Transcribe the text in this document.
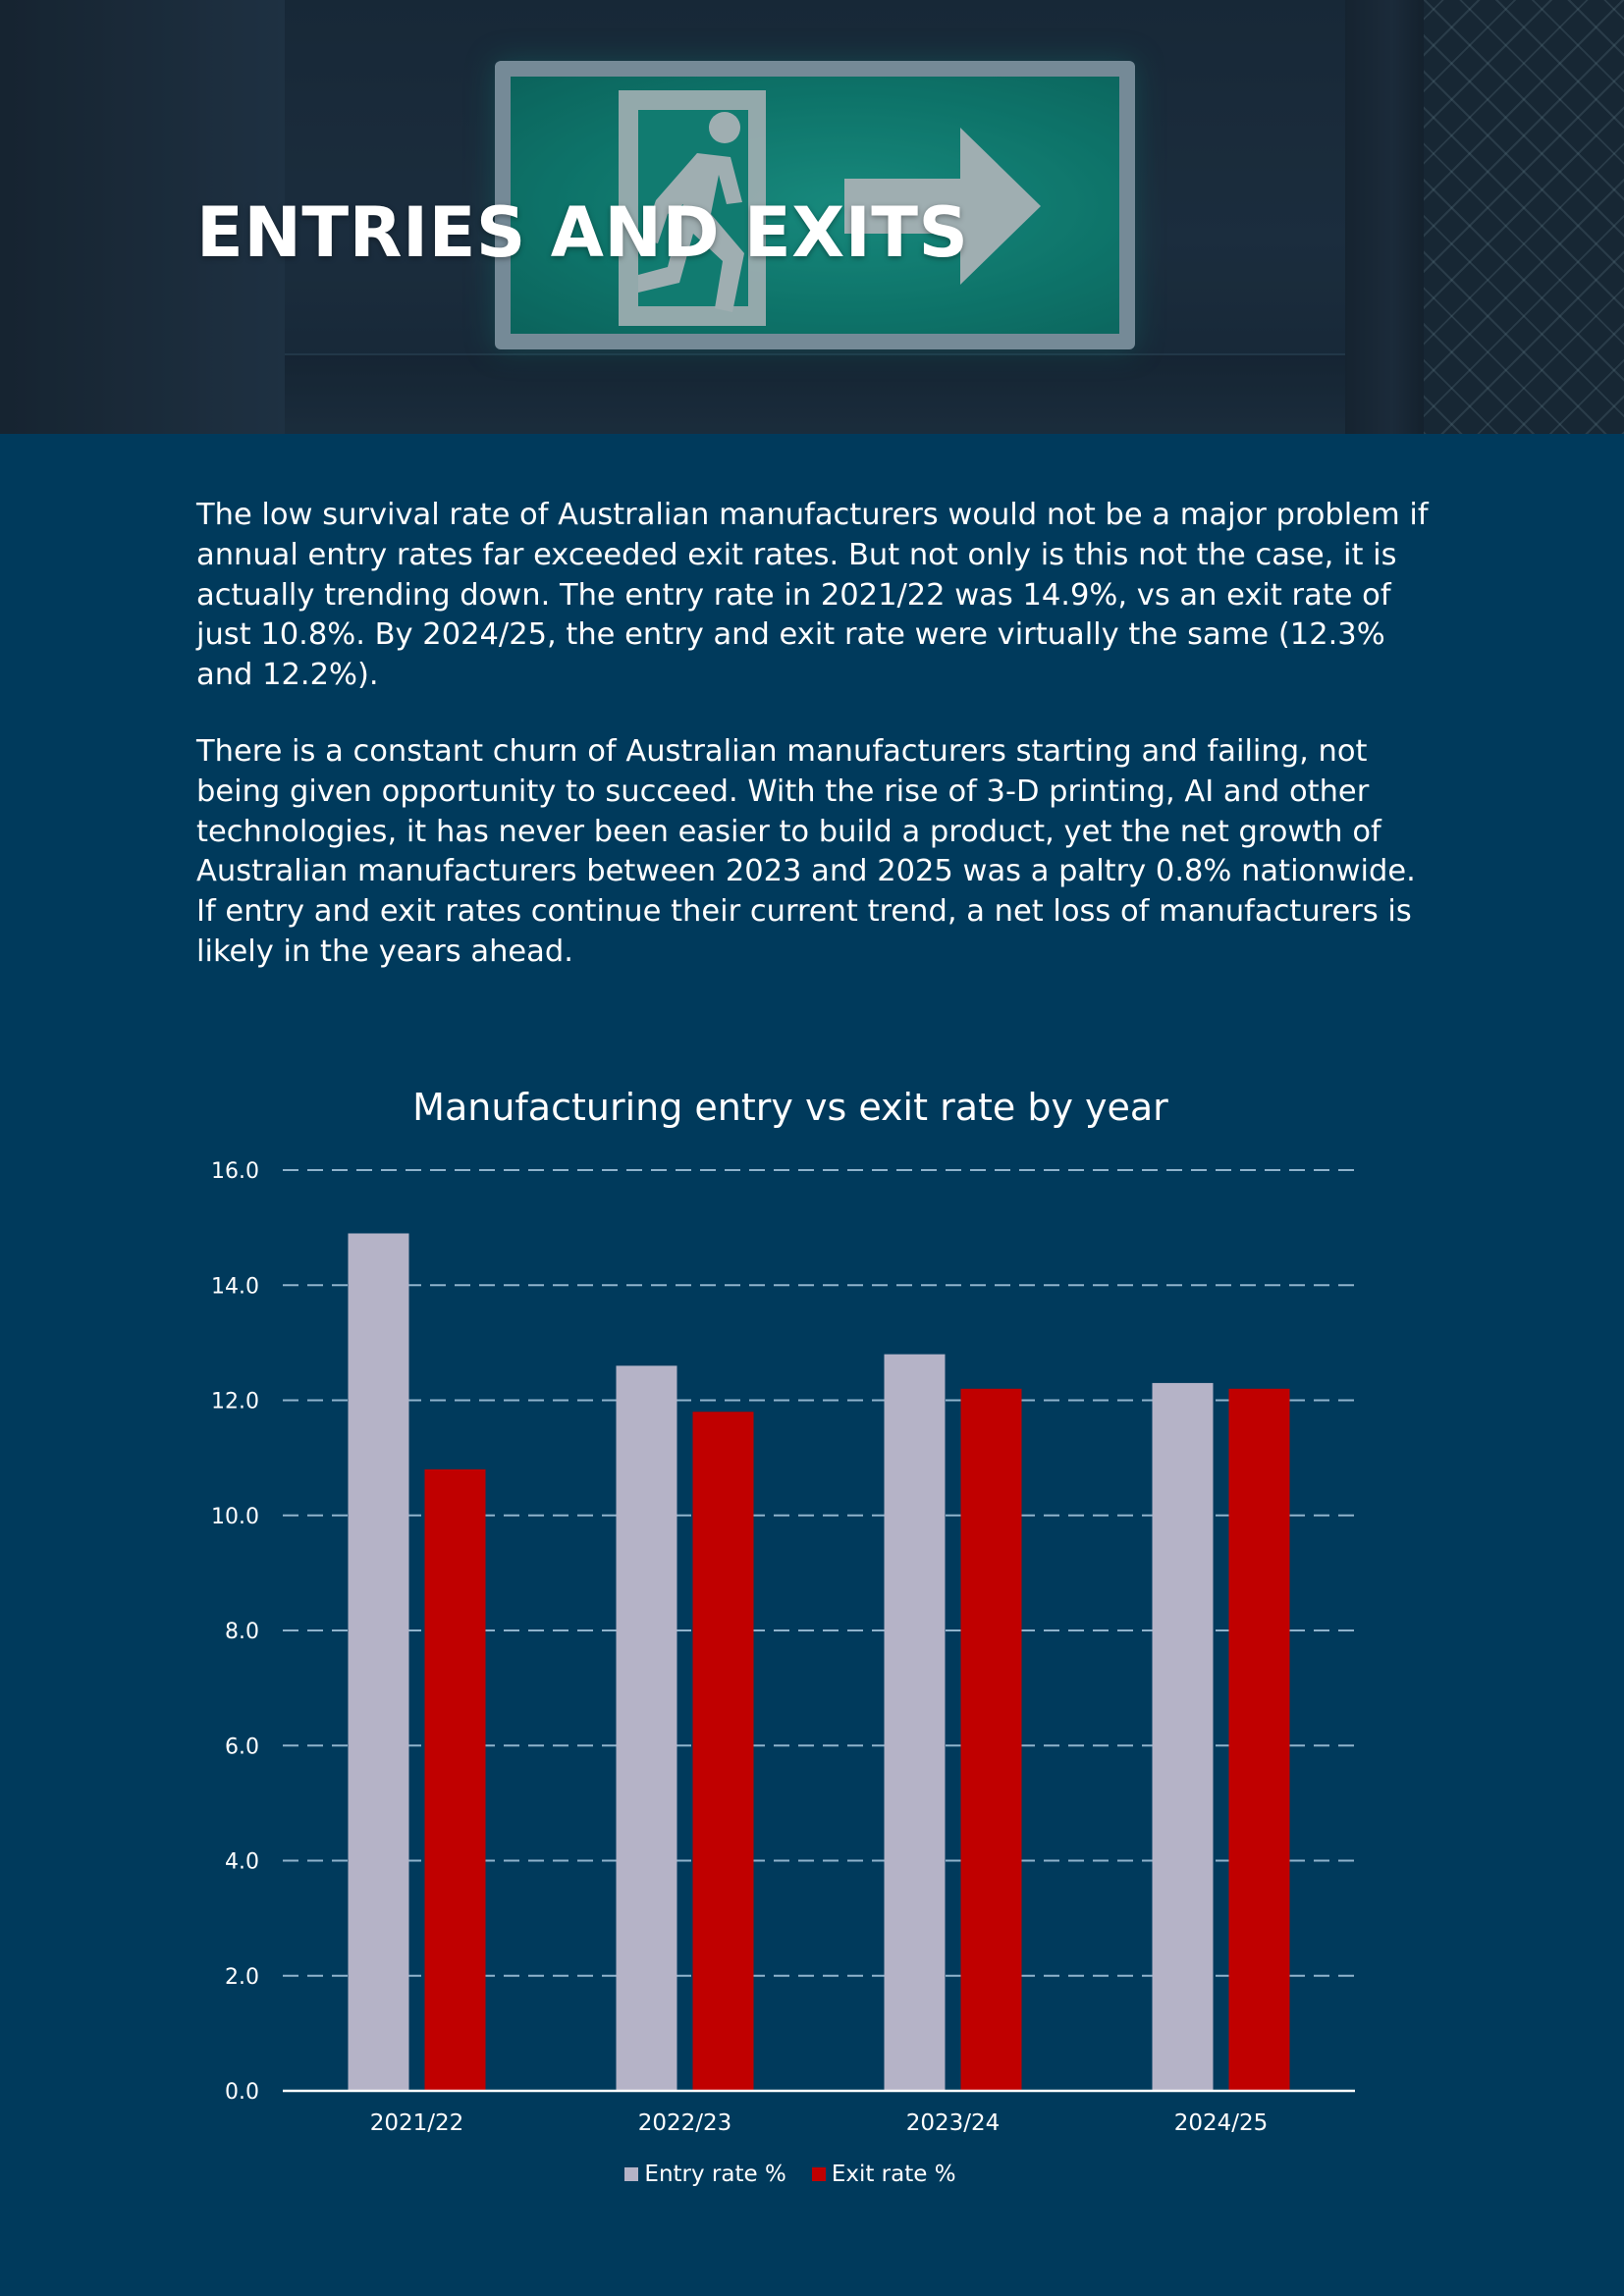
ENTRIES AND EXITS

The low survival rate of Australian manufacturers would not be a major problem if annual entry rates far exceeded exit rates. But not only is this not the case, it is actually trending down. The entry rate in 2021/22 was 14.9%, vs an exit rate of just 10.8%. By 2024/25, the entry and exit rate were virtually the same (12.3% and 12.2%).

There is a constant churn of Australian manufacturers starting and failing, not being given opportunity to succeed. With the rise of 3-D printing, AI and other technologies, it has never been easier to build a product, yet the net growth of Australian manufacturers between 2023 and 2025 was a paltry 0.8% nationwide. If entry and exit rates continue their current trend, a net loss of manufacturers is likely in the years ahead.

Manufacturing entry vs exit rate by year
0.0
2.0
4.0
6.0
8.0
10.0
12.0
14.0
16.0
2021/22	2022/23	2023/24	2024/25
Entry rate % Exit rate %
